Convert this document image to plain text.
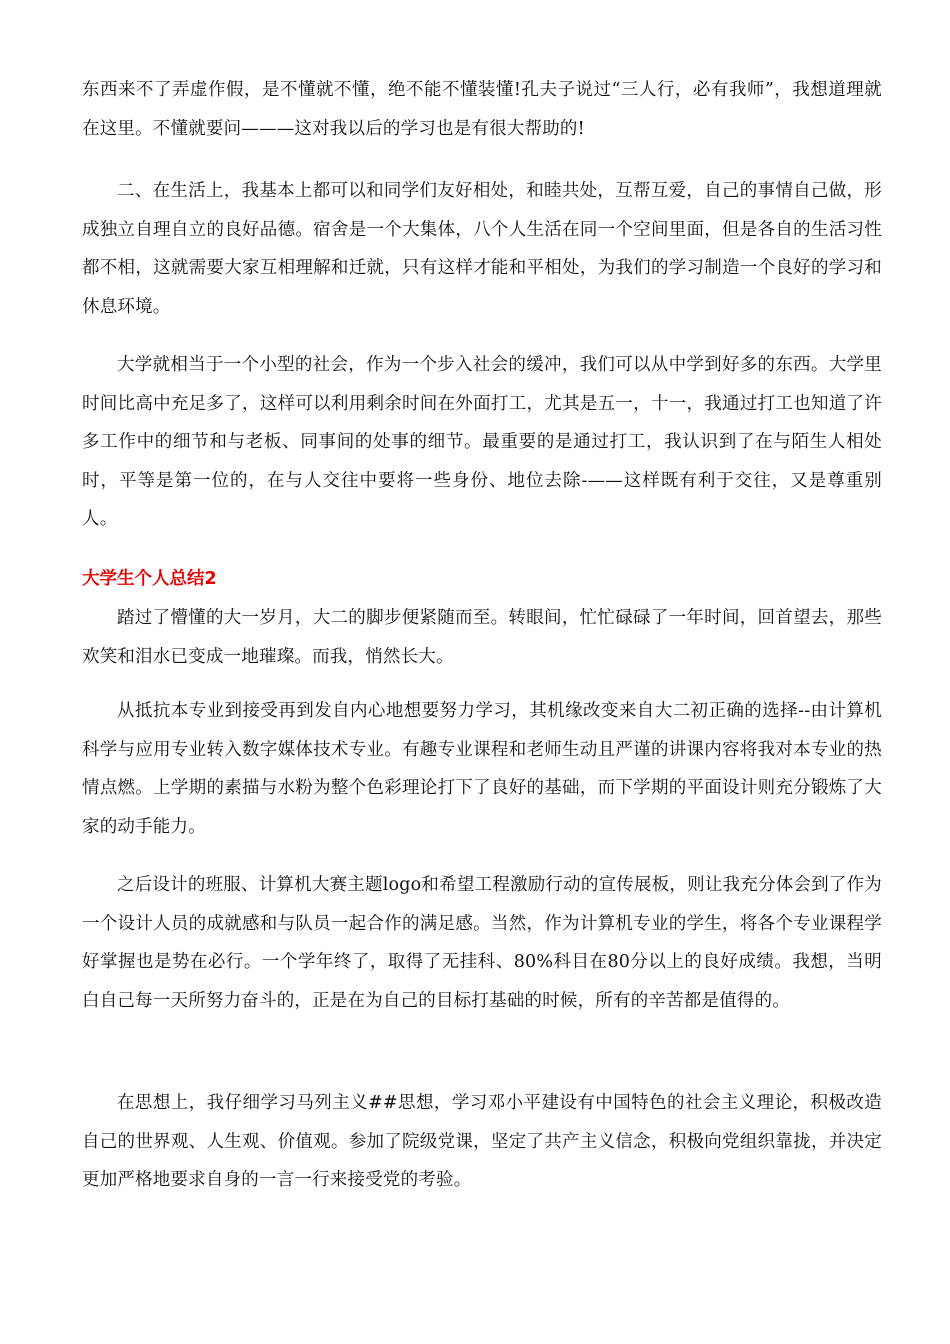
东西来不了弄虚作假，是不懂就不懂，绝不能不懂装懂!孔夫子说过“三人行，必有我师”，我想道理就在这里。不懂就要问———这对我以后的学习也是有很大帮助的!

二、在生活上，我基本上都可以和同学们友好相处，和睦共处，互帮互爱，自己的事情自己做，形成独立自理自立的良好品德。宿舍是一个大集体，八个人生活在同一个空间里面，但是各自的生活习性都不相，这就需要大家互相理解和迁就，只有这样才能和平相处，为我们的学习制造一个良好的学习和休息环境。

大学就相当于一个小型的社会，作为一个步入社会的缓冲，我们可以从中学到好多的东西。大学里时间比高中充足多了，这样可以利用剩余时间在外面打工，尤其是五一，十一，我通过打工也知道了许多工作中的细节和与老板、同事间的处事的细节。最重要的是通过打工，我认识到了在与陌生人相处时，平等是第一位的，在与人交往中要将一些身份、地位去除-——这样既有利于交往，又是尊重别人。

大学生个人总结2

踏过了懵懂的大一岁月，大二的脚步便紧随而至。转眼间，忙忙碌碌了一年时间，回首望去，那些欢笑和泪水已变成一地璀璨。而我，悄然长大。

从抵抗本专业到接受再到发自内心地想要努力学习，其机缘改变来自大二初正确的选择--由计算机科学与应用专业转入数字媒体技术专业。有趣专业课程和老师生动且严谨的讲课内容将我对本专业的热情点燃。上学期的素描与水粉为整个色彩理论打下了良好的基础，而下学期的平面设计则充分锻炼了大家的动手能力。

之后设计的班服、计算机大赛主题logo和希望工程激励行动的宣传展板，则让我充分体会到了作为一个设计人员的成就感和与队员一起合作的满足感。当然，作为计算机专业的学生，将各个专业课程学好掌握也是势在必行。一个学年终了，取得了无挂科、80%科目在80分以上的良好成绩。我想，当明白自己每一天所努力奋斗的，正是在为自己的目标打基础的时候，所有的辛苦都是值得的。

在思想上，我仔细学习马列主义##思想，学习邓小平建设有中国特色的社会主义理论，积极改造自己的世界观、人生观、价值观。参加了院级党课，坚定了共产主义信念，积极向党组织靠拢，并决定更加严格地要求自身的一言一行来接受党的考验。
